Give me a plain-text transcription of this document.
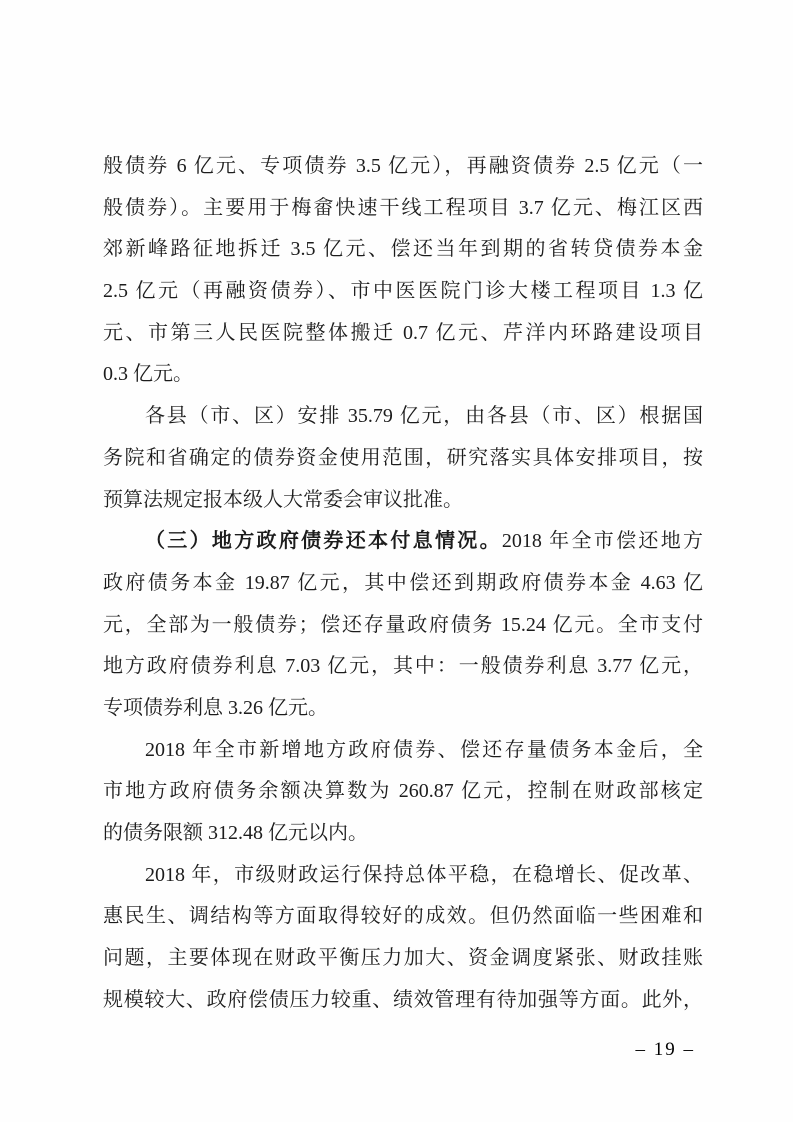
般债券 6 亿元、专项债券 3.5 亿元），再融资债券 2.5 亿元（一
般债券）。主要用于梅畲快速干线工程项目 3.7 亿元、梅江区西
郊新峰路征地拆迁 3.5 亿元、偿还当年到期的省转贷债券本金
2.5 亿元（再融资债券）、市中医医院门诊大楼工程项目 1.3 亿
元、市第三人民医院整体搬迁 0.7 亿元、芹洋内环路建设项目
0.3 亿元。
各县（市、区）安排 35.79 亿元，由各县（市、区）根据国
务院和省确定的债券资金使用范围，研究落实具体安排项目，按
预算法规定报本级人大常委会审议批准。
（三）地方政府债券还本付息情况。2018 年全市偿还地方
政府债务本金 19.87 亿元，其中偿还到期政府债券本金 4.63 亿
元，全部为一般债券；偿还存量政府债务 15.24 亿元。全市支付
地方政府债券利息 7.03 亿元，其中：一般债券利息 3.77 亿元，
专项债券利息 3.26 亿元。
2018 年全市新增地方政府债券、偿还存量债务本金后，全
市地方政府债务余额决算数为 260.87 亿元，控制在财政部核定
的债务限额 312.48 亿元以内。
2018 年，市级财政运行保持总体平稳，在稳增长、促改革、
惠民生、调结构等方面取得较好的成效。但仍然面临一些困难和
问题，主要体现在财政平衡压力加大、资金调度紧张、财政挂账
规模较大、政府偿债压力较重、绩效管理有待加强等方面。此外，
– 19 –
